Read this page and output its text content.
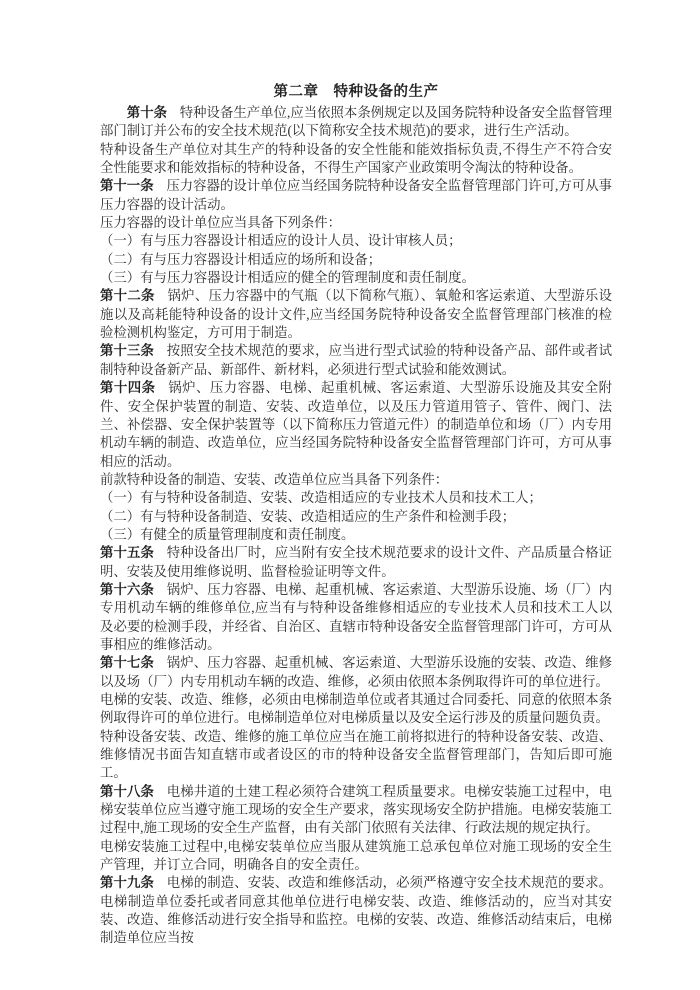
第二章　特种设备的生产

第十条 特种设备生产单位,应当依照本条例规定以及国务院特种设备安全监督管理部门制订并公布的安全技术规范(以下简称安全技术规范)的要求，进行生产活动。

特种设备生产单位对其生产的特种设备的安全性能和能效指标负责,不得生产不符合安全性能要求和能效指标的特种设备，不得生产国家产业政策明令淘汰的特种设备。

第十一条 压力容器的设计单位应当经国务院特种设备安全监督管理部门许可,方可从事压力容器的设计活动。

压力容器的设计单位应当具备下列条件：

（一）有与压力容器设计相适应的设计人员、设计审核人员；

（二）有与压力容器设计相适应的场所和设备；

（三）有与压力容器设计相适应的健全的管理制度和责任制度。

第十二条 锅炉、压力容器中的气瓶（以下简称气瓶）、氧舱和客运索道、大型游乐设施以及高耗能特种设备的设计文件,应当经国务院特种设备安全监督管理部门核准的检验检测机构鉴定，方可用于制造。

第十三条 按照安全技术规范的要求，应当进行型式试验的特种设备产品、部件或者试制特种设备新产品、新部件、新材料，必须进行型式试验和能效测试。

第十四条 锅炉、压力容器、电梯、起重机械、客运索道、大型游乐设施及其安全附件、安全保护装置的制造、安装、改造单位，以及压力管道用管子、管件、阀门、法兰、补偿器、安全保护装置等（以下简称压力管道元件）的制造单位和场（厂）内专用机动车辆的制造、改造单位，应当经国务院特种设备安全监督管理部门许可，方可从事相应的活动。

前款特种设备的制造、安装、改造单位应当具备下列条件：

（一）有与特种设备制造、安装、改造相适应的专业技术人员和技术工人；

（二）有与特种设备制造、安装、改造相适应的生产条件和检测手段；

（三）有健全的质量管理制度和责任制度。

第十五条 特种设备出厂时，应当附有安全技术规范要求的设计文件、产品质量合格证明、安装及使用维修说明、监督检验证明等文件。

第十六条 锅炉、压力容器、电梯、起重机械、客运索道、大型游乐设施、场（厂）内专用机动车辆的维修单位,应当有与特种设备维修相适应的专业技术人员和技术工人以及必要的检测手段，并经省、自治区、直辖市特种设备安全监督管理部门许可，方可从事相应的维修活动。

第十七条 锅炉、压力容器、起重机械、客运索道、大型游乐设施的安装、改造、维修以及场（厂）内专用机动车辆的改造、维修，必须由依照本条例取得许可的单位进行。

电梯的安装、改造、维修，必须由电梯制造单位或者其通过合同委托、同意的依照本条例取得许可的单位进行。电梯制造单位对电梯质量以及安全运行涉及的质量问题负责。

特种设备安装、改造、维修的施工单位应当在施工前将拟进行的特种设备安装、改造、维修情况书面告知直辖市或者设区的市的特种设备安全监督管理部门，告知后即可施工。

第十八条 电梯井道的土建工程必须符合建筑工程质量要求。电梯安装施工过程中，电梯安装单位应当遵守施工现场的安全生产要求，落实现场安全防护措施。电梯安装施工过程中,施工现场的安全生产监督，由有关部门依照有关法律、行政法规的规定执行。

电梯安装施工过程中,电梯安装单位应当服从建筑施工总承包单位对施工现场的安全生产管理，并订立合同，明确各自的安全责任。

第十九条 电梯的制造、安装、改造和维修活动，必须严格遵守安全技术规范的要求。电梯制造单位委托或者同意其他单位进行电梯安装、改造、维修活动的，应当对其安装、改造、维修活动进行安全指导和监控。电梯的安装、改造、维修活动结束后，电梯制造单位应当按
